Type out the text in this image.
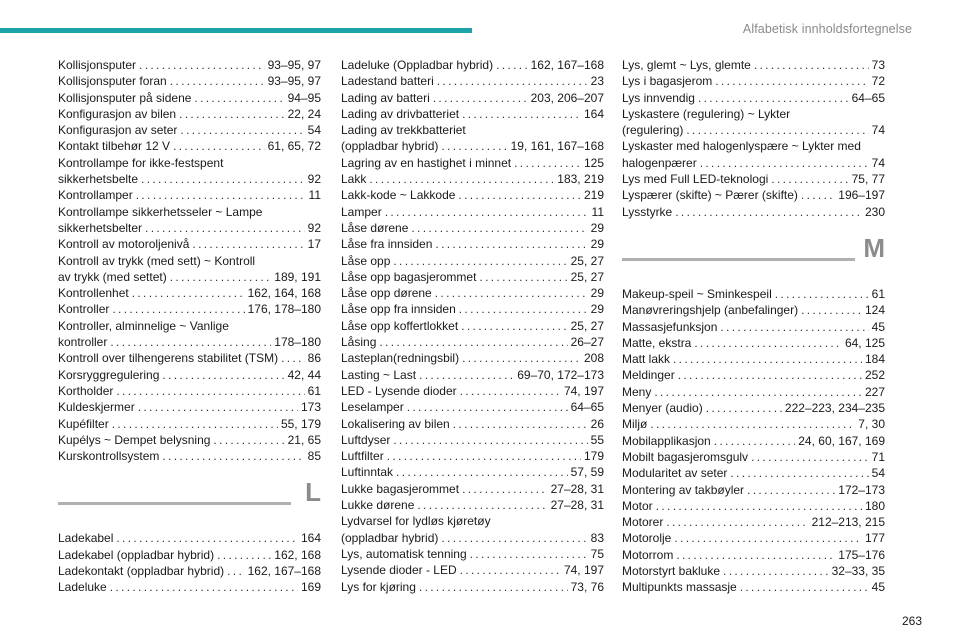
Alfabetisk innholdsfortegnelse
Kollisjonsputer . . .	93–95, 97
Kollisjonsputer foran . . .	93–95, 97
Kollisjonsputer på sidene . . .	94–95
Konfigurasjon av bilen . . .	22, 24
Konfigurasjon av seter . . .	54
Kontakt tilbehør 12 V . . .	61, 65, 72
Kontrollampe for ikke-festspent
sikkerhetsbelte . . .	92
Kontrollamper . . .	11
Kontrollampe sikkerhetsseler ~ Lampe
sikkerhetsbelter . . .	92
Kontroll av motoroljenivå . . .	17
Kontroll av trykk (med sett) ~ Kontroll
av trykk (med settet) . . .	189, 191
Kontrollenhet . . .	162, 164, 168
Kontroller . . .	176, 178–180
Kontroller, alminnelige ~ Vanlige
kontroller . . .	178–180
Kontroll over tilhengerens stabilitet (TSM) . . . 86
Korsryggregulering . . .	42, 44
Kortholder . . .	61
Kuldeskjermer . . .	173
Kupéfilter . . .	55, 179
Kupélys ~ Dempet belysning . . .	21, 65
Kurskontrollsystem . . .	85
L
Ladekabel . . .	164
Ladekabel (oppladbar hybrid) . . .	162, 168
Ladekontakt (oppladbar hybrid) . . . 162, 167–168
Ladeluke . . .	169
Ladeluke (Oppladbar hybrid) . . .	162, 167–168
Ladestand batteri . . .	23
Lading av batteri . . .	203, 206–207
Lading av drivbatteriet . . .	164
Lading av trekkbatteriet
(oppladbar hybrid) . . .	19, 161, 167–168
Lagring av en hastighet i minnet . . .	125
Lakk . . .	183, 219
Lakk-kode ~ Lakkode . . .	219
Lamper . . .	11
Låse dørene . . .	29
Låse fra innsiden . . .	29
Låse opp . . .	25, 27
Låse opp bagasjerommet . . .	25, 27
Låse opp dørene . . .	29
Låse opp fra innsiden . . .	29
Låse opp koffertlokket . . .	25, 27
Låsing . . .	26–27
Lasteplan(redningsbil) . . .	208
Lasting ~ Last . . .	69–70, 172–173
LED - Lysende dioder . . .	74, 197
Leselamper . . .	64–65
Lokalisering av bilen . . .	26
Luftdyser . . .	55
Luftfilter . . .	179
Luftinntak . . .	57, 59
Lukke bagasjerommet . . .	27–28, 31
Lukke dørene . . .	27–28, 31
Lydvarsel for lydløs kjøretøy
(oppladbar hybrid) . . .	83
Lys, automatisk tenning . . .	75
Lysende dioder - LED . . .	74, 197
Lys for kjøring . . .	73, 76
Lys, glemt ~ Lys, glemte . . .	73
Lys i bagasjerom . . .	72
Lys innvendig . . .	64–65
Lyskastere (regulering) ~ Lykter
(regulering) . . .	74
Lyskaster med halogenlyspære ~ Lykter med
halogenpærer . . .	74
Lys med Full LED-teknologi . . .	75, 77
Lyspærer (skifte) ~ Pærer (skifte) . . .	196–197
Lysstyrke . . .	230
M
Makeup-speil ~ Sminkespeil . . .	61
Manøvreringshjelp (anbefalinger) . . .	124
Massasjefunksjon . . .	45
Matte, ekstra . . .	64, 125
Matt lakk . . .	184
Meldinger . . .	252
Meny . . .	227
Menyer (audio) . . .	222–223, 234–235
Miljø . . .	7, 30
Mobilapplikasjon . . .	24, 60, 167, 169
Mobilt bagasjeromsgulv . . .	71
Modularitet av seter . . .	54
Montering av takbøyler . . .	172–173
Motor . . .	180
Motorer . . .	212–213, 215
Motorolje . . .	177
Motorrom . . .	175–176
Motorstyrt bakluke . . .	32–33, 35
Multipunkts massasje . . .	45
263
